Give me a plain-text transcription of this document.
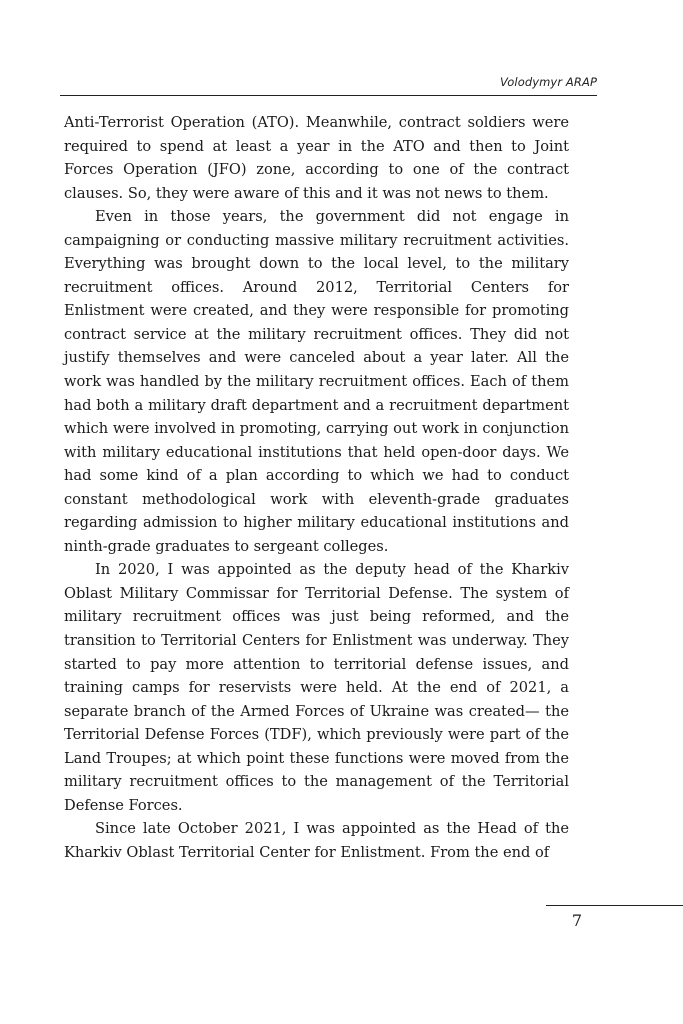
Volodymyr ARAP

Anti-Terrorist Operation (ATO). Meanwhile, contract soldiers were required to spend at least a year in the ATO and then to Joint Forces Operation (JFO) zone, according to one of the contract clauses. So, they were aware of this and it was not news to them.

Even in those years, the government did not engage in campaigning or conducting massive military recruitment activities. Everything was brought down to the local level, to the military recruitment offices. Around 2012, Territorial Centers for Enlistment were created, and they were responsible for promoting contract service at the military recruitment offices. They did not justify themselves and were canceled about a year later. All the work was handled by the military recruitment offices. Each of them had both a military draft department and a recruitment department which were involved in promoting, carrying out work in conjunction with military educational institutions that held open-door days. We had some kind of a plan according to which we had to conduct constant methodological work with eleventh-grade graduates regarding admission to higher military educational institutions and ninth-grade graduates to sergeant colleges.

In 2020, I was appointed as the deputy head of the Kharkiv Oblast Military Commissar for Territorial Defense. The system of military recruitment offices was just being reformed, and the transition to Territorial Centers for Enlistment was underway. They started to pay more attention to territorial defense issues, and training camps for reservists were held. At the end of 2021, a separate branch of the Armed Forces of Ukraine was created— the Territorial Defense Forces (TDF), which previously were part of the Land Troupes; at which point these functions were moved from the military recruitment offices to the management of the Territorial Defense Forces.

Since late October 2021, I was appointed as the Head of the Kharkiv Oblast Territorial Center for Enlistment. From the end of

7
